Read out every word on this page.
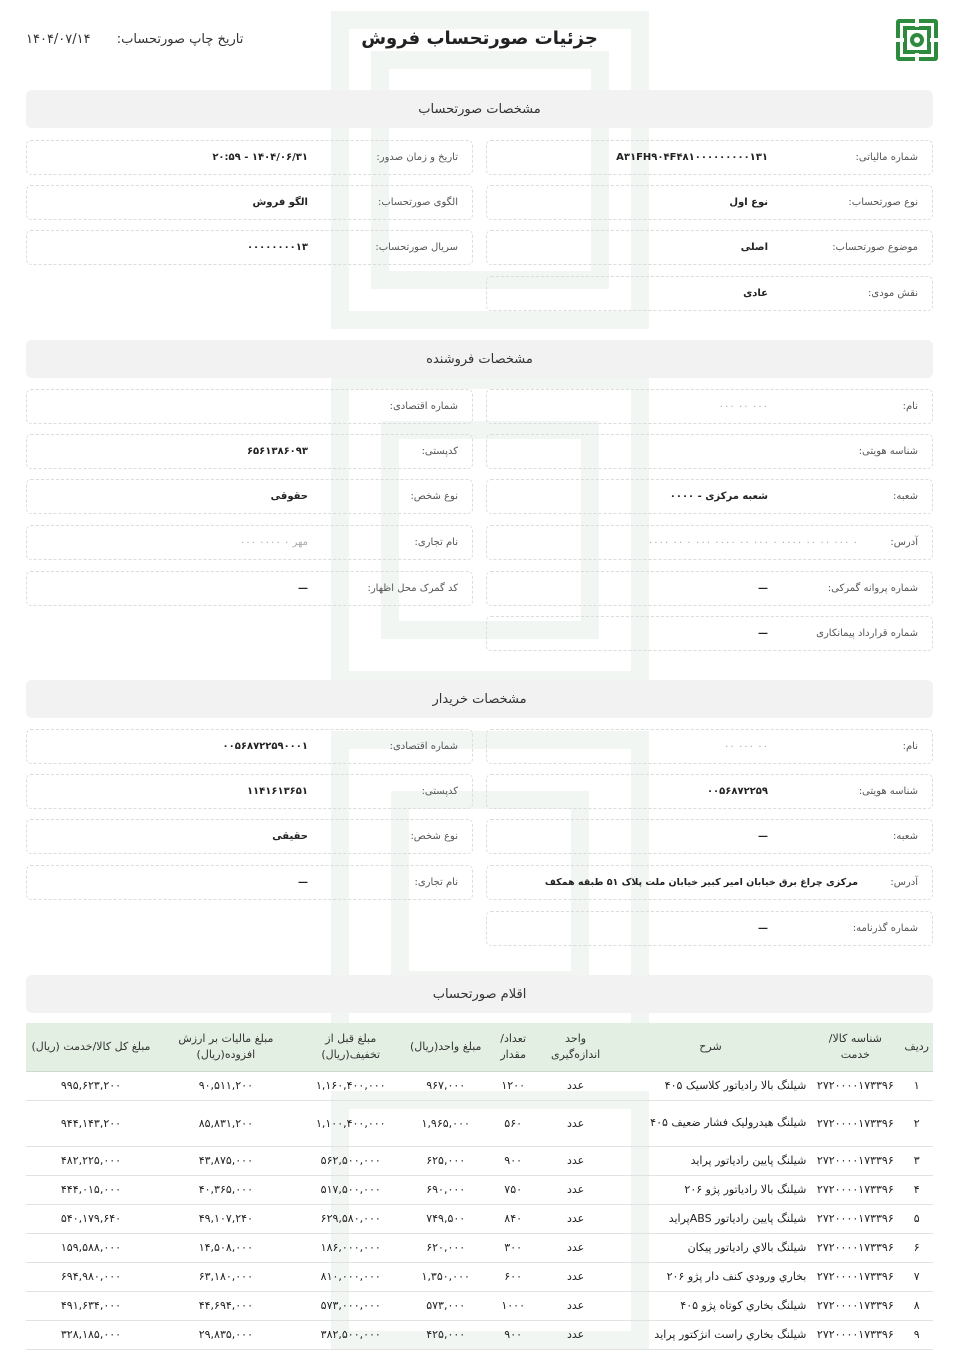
جزئیات صورتحساب فروش
تاریخ چاپ صورتحساب: ۱۴۰۴/۰۷/۱۴
مشخصات صورتحساب
شماره مالیاتی:
A۳۱FH۹۰۴F۴۸۱۰۰۰۰۰۰۰۰۰۱۳۱
تاریخ و زمان صدور:
۱۴۰۴/۰۶/۳۱ - ۲۰:۵۹
نوع صورتحساب:
نوع اول
الگوی صورتحساب:
الگو فروش
موضوع صورتحساب:
اصلی
سریال صورتحساب:
۰۰۰۰۰۰۰۰۱۳
نقش مودی:
عادی
مشخصات فروشنده
نام:
۰۰۰ ۰۰ ۰۰۰
شماره اقتصادی:
شناسه هویتی:
کدپستی:
۶۵۶۱۳۸۶۰۹۳
شعبه:
شعبه مرکزی - ۰۰۰۰
نوع شخص:
حقوقی
آدرس:
۰ ۰۰۰ ۰۰ ۰۰ ۰۰۰۰ ۰ ۰۰۰ ۰۰ ۰۰۰۰ ۰۰۰ ۰ ۰۰ ۰۰۰۰
نام تجاری:
مهر ۰ ۰۰۰۰ ۰۰۰
شماره پروانه گمرکی:
—
کد گمرک محل اظهار:
—
شماره قرارداد پیمانکاری
—
مشخصات خریدار
نام:
۰۰ ۰۰۰ ۰۰
شماره اقتصادی:
۰۰۵۶۸۷۲۲۵۹۰۰۰۱
شناسه هویتی:
۰۰۵۶۸۷۲۲۵۹
کدپستی:
۱۱۴۱۶۱۳۶۵۱
شعبه:
—
نوع شخص:
حقیقی
آدرس:
مرکزی چراغ برق خیابان امیر کبیر خیابان ملت پلاک ۵۱ طبقه همکف
نام تجاری:
—
شماره گذرنامه:
—
اقلام صورتحساب
ردیف	شناسه کالا/ خدمت	شرح	واحد اندازه‌گیری	تعداد/ مقدار	مبلغ واحد(ریال)	مبلغ قبل از تخفیف(ریال)	مبلغ مالیات بر ارزش افزوده(ریال)	مبلغ کل کالا/خدمت (ریال)
۱	۲۷۲۰۰۰۰۱۷۳۳۹۶	شیلنگ بالا رادیاتور کلاسیک ۴۰۵	عدد	۱۲۰۰	۹۶۷,۰۰۰	۱,۱۶۰,۴۰۰,۰۰۰	۹۰,۵۱۱,۲۰۰	۹۹۵,۶۲۳,۲۰۰
۲	۲۷۲۰۰۰۰۱۷۳۳۹۶	شیلنگ هیدرولیک فشار ضعیف ۴۰۵	عدد	۵۶۰	۱,۹۶۵,۰۰۰	۱,۱۰۰,۴۰۰,۰۰۰	۸۵,۸۳۱,۲۰۰	۹۴۴,۱۴۳,۲۰۰
۳	۲۷۲۰۰۰۰۱۷۳۳۹۶	شیلنگ پایین رادیاتور پراید	عدد	۹۰۰	۶۲۵,۰۰۰	۵۶۲,۵۰۰,۰۰۰	۴۳,۸۷۵,۰۰۰	۴۸۲,۲۲۵,۰۰۰
۴	۲۷۲۰۰۰۰۱۷۳۳۹۶	شیلنگ بالا رادیاتور پژو ۲۰۶	عدد	۷۵۰	۶۹۰,۰۰۰	۵۱۷,۵۰۰,۰۰۰	۴۰,۳۶۵,۰۰۰	۴۴۴,۰۱۵,۰۰۰
۵	۲۷۲۰۰۰۰۱۷۳۳۹۶	شیلنگ پایین رادیاتور ABSپراید	عدد	۸۴۰	۷۴۹,۵۰۰	۶۲۹,۵۸۰,۰۰۰	۴۹,۱۰۷,۲۴۰	۵۴۰,۱۷۹,۶۴۰
۶	۲۷۲۰۰۰۰۱۷۳۳۹۶	شیلنگ بالاي رادیاتور پیکان	عدد	۳۰۰	۶۲۰,۰۰۰	۱۸۶,۰۰۰,۰۰۰	۱۴,۵۰۸,۰۰۰	۱۵۹,۵۸۸,۰۰۰
۷	۲۷۲۰۰۰۰۱۷۳۳۹۶	بخاري ورودي کنف دار پژو ۲۰۶	عدد	۶۰۰	۱,۳۵۰,۰۰۰	۸۱۰,۰۰۰,۰۰۰	۶۳,۱۸۰,۰۰۰	۶۹۴,۹۸۰,۰۰۰
۸	۲۷۲۰۰۰۰۱۷۳۳۹۶	شیلنگ بخاري کوتاه پژو ۴۰۵	عدد	۱۰۰۰	۵۷۳,۰۰۰	۵۷۳,۰۰۰,۰۰۰	۴۴,۶۹۴,۰۰۰	۴۹۱,۶۳۴,۰۰۰
۹	۲۷۲۰۰۰۰۱۷۳۳۹۶	شیلنگ بخاري راست انژکتور پراید	عدد	۹۰۰	۴۲۵,۰۰۰	۳۸۲,۵۰۰,۰۰۰	۲۹,۸۳۵,۰۰۰	۳۲۸,۱۸۵,۰۰۰
